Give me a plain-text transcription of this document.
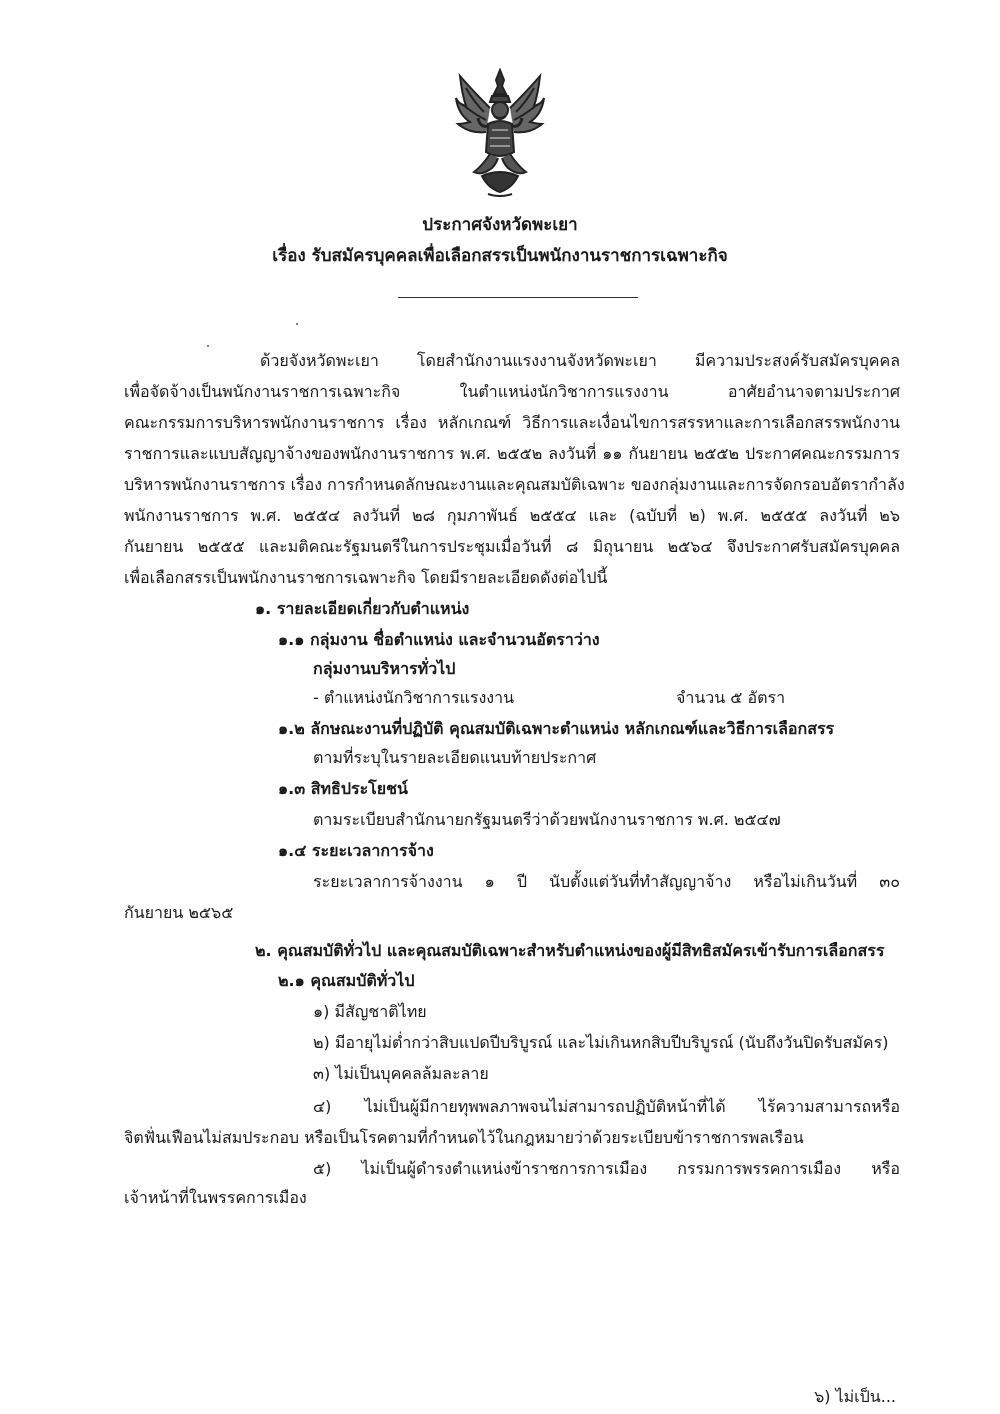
ประกาศจังหวัดพะเยา
เรื่อง รับสมัครบุคคลเพื่อเลือกสรรเป็นพนักงานราชการเฉพาะกิจ
ด้วยจังหวัดพะเยา โดยสำนักงานแรงงานจังหวัดพะเยา มีความประสงค์รับสมัครบุคคล
เพื่อจัดจ้างเป็นพนักงานราชการเฉพาะกิจ ในตำแหน่งนักวิชาการแรงงาน อาศัยอำนาจตามประกาศ
คณะกรรมการบริหารพนักงานราชการ เรื่อง หลักเกณฑ์ วิธีการและเงื่อนไขการสรรหาและการเลือกสรรพนักงาน
ราชการและแบบสัญญาจ้างของพนักงานราชการ พ.ศ. ๒๕๕๒ ลงวันที่ ๑๑ กันยายน ๒๕๕๒ ประกาศคณะกรรมการ
บริหารพนักงานราชการ เรื่อง การกำหนดลักษณะงานและคุณสมบัติเฉพาะ ของกลุ่มงานและการจัดกรอบอัตรากำลัง
พนักงานราชการ พ.ศ. ๒๕๕๔ ลงวันที่ ๒๘ กุมภาพันธ์ ๒๕๕๔ และ (ฉบับที่ ๒) พ.ศ. ๒๕๕๕ ลงวันที่ ๒๖
กันยายน ๒๕๕๕ และมติคณะรัฐมนตรีในการประชุมเมื่อวันที่ ๘ มิถุนายน ๒๕๖๔ จึงประกาศรับสมัครบุคคล
เพื่อเลือกสรรเป็นพนักงานราชการเฉพาะกิจ โดยมีรายละเอียดดังต่อไปนี้
๑. รายละเอียดเกี่ยวกับตำแหน่ง
๑.๑ กลุ่มงาน ชื่อตำแหน่ง และจำนวนอัตราว่าง
กลุ่มงานบริหารทั่วไป
- ตำแหน่งนักวิชาการแรงงาน	จำนวน ๕ อัตรา
๑.๒ ลักษณะงานที่ปฏิบัติ คุณสมบัติเฉพาะตำแหน่ง หลักเกณฑ์และวิธีการเลือกสรร
ตามที่ระบุในรายละเอียดแนบท้ายประกาศ
๑.๓ สิทธิประโยชน์
ตามระเบียบสำนักนายกรัฐมนตรีว่าด้วยพนักงานราชการ พ.ศ. ๒๕๔๗
๑.๔ ระยะเวลาการจ้าง
ระยะเวลาการจ้างงาน ๑ ปี นับตั้งแต่วันที่ทำสัญญาจ้าง หรือไม่เกินวันที่ ๓๐
กันยายน ๒๕๖๕
๒. คุณสมบัติทั่วไป และคุณสมบัติเฉพาะสำหรับตำแหน่งของผู้มีสิทธิสมัครเข้ารับการเลือกสรร
๒.๑ คุณสมบัติทั่วไป
๑) มีสัญชาติไทย
๒) มีอายุไม่ต่ำกว่าสิบแปดปีบริบูรณ์ และไม่เกินหกสิบปีบริบูรณ์ (นับถึงวันปิดรับสมัคร)
๓) ไม่เป็นบุคคลล้มละลาย
๔) ไม่เป็นผู้มีกายทุพพลภาพจนไม่สามารถปฏิบัติหน้าที่ได้ ไร้ความสามารถหรือ
จิตฟั่นเฟือนไม่สมประกอบ หรือเป็นโรคตามที่กำหนดไว้ในกฎหมายว่าด้วยระเบียบข้าราชการพลเรือน
๕) ไม่เป็นผู้ดำรงตำแหน่งข้าราชการการเมือง กรรมการพรรคการเมือง หรือ
เจ้าหน้าที่ในพรรคการเมือง
๖) ไม่เป็น...
